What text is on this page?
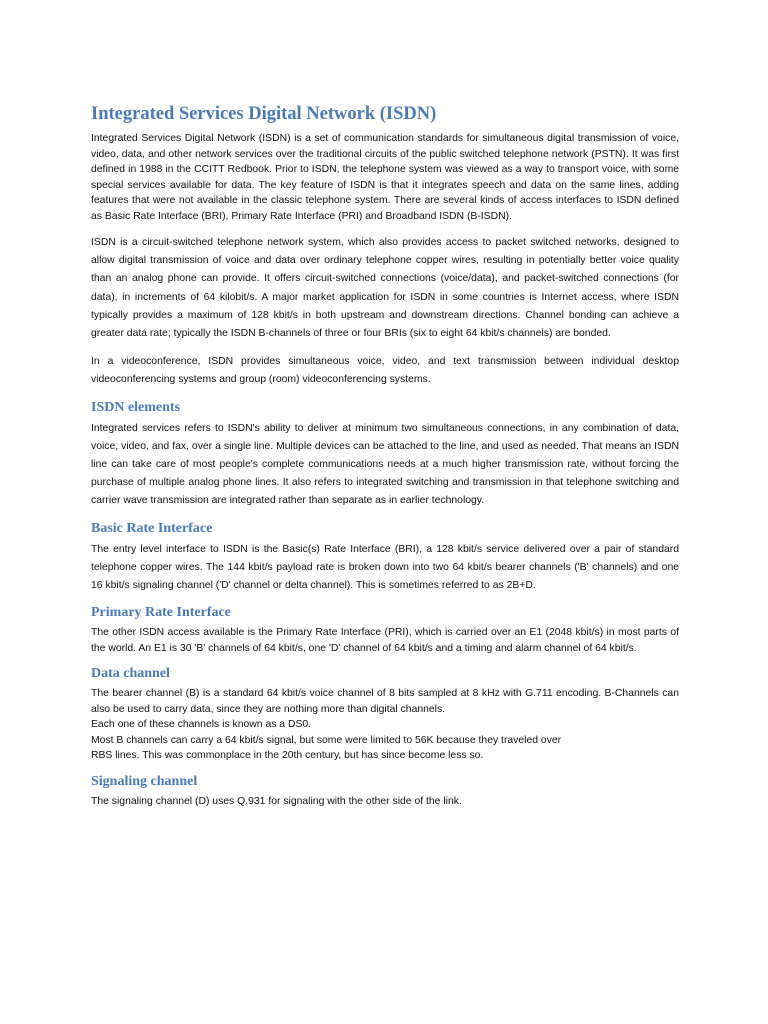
Integrated Services Digital Network (ISDN)

Integrated Services Digital Network (ISDN) is a set of communication standards for simultaneous digital transmission of voice, video, data, and other network services over the traditional circuits of the public switched telephone network (PSTN). It was first defined in 1988 in the CCITT Redbook. Prior to ISDN, the telephone system was viewed as a way to transport voice, with some special services available for data. The key feature of ISDN is that it integrates speech and data on the same lines, adding features that were not available in the classic telephone system. There are several kinds of access interfaces to ISDN defined as Basic Rate Interface (BRI), Primary Rate Interface (PRI) and Broadband ISDN (B-ISDN).

ISDN is a circuit-switched telephone network system, which also provides access to packet switched networks, designed to allow digital transmission of voice and data over ordinary telephone copper wires, resulting in potentially better voice quality than an analog phone can provide. It offers circuit-switched connections (voice/data), and packet-switched connections (for data), in increments of 64 kilobit/s. A major market application for ISDN in some countries is Internet access, where ISDN typically provides a maximum of 128 kbit/s in both upstream and downstream directions. Channel bonding can achieve a greater data rate; typically the ISDN B-channels of three or four BRIs (six to eight 64 kbit/s channels) are bonded.

In a videoconference, ISDN provides simultaneous voice, video, and text transmission between individual desktop videoconferencing systems and group (room) videoconferencing systems.

ISDN elements

Integrated services refers to ISDN's ability to deliver at minimum two simultaneous connections, in any combination of data, voice, video, and fax, over a single line. Multiple devices can be attached to the line, and used as needed. That means an ISDN line can take care of most people's complete communications needs at a much higher transmission rate, without forcing the purchase of multiple analog phone lines. It also refers to integrated switching and transmission in that telephone switching and carrier wave transmission are integrated rather than separate as in earlier technology.

Basic Rate Interface

The entry level interface to ISDN is the Basic(s) Rate Interface (BRI), a 128 kbit/s service delivered over a pair of standard telephone copper wires. The 144 kbit/s payload rate is broken down into two 64 kbit/s bearer channels ('B' channels) and one 16 kbit/s signaling channel ('D' channel or delta channel). This is sometimes referred to as 2B+D.

Primary Rate Interface

The other ISDN access available is the Primary Rate Interface (PRI), which is carried over an E1 (2048 kbit/s) in most parts of the world. An E1 is 30 'B' channels of 64 kbit/s, one 'D' channel of 64 kbit/s and a timing and alarm channel of 64 kbit/s.

Data channel

The bearer channel (B) is a standard 64 kbit/s voice channel of 8 bits sampled at 8 kHz with G.711 encoding. B-Channels can also be used to carry data, since they are nothing more than digital channels.

Each one of these channels is known as a DS0.
Most B channels can carry a 64 kbit/s signal, but some were limited to 56K because they traveled over
RBS lines. This was commonplace in the 20th century, but has since become less so.
Signaling channel

The signaling channel (D) uses Q.931 for signaling with the other side of the link.
